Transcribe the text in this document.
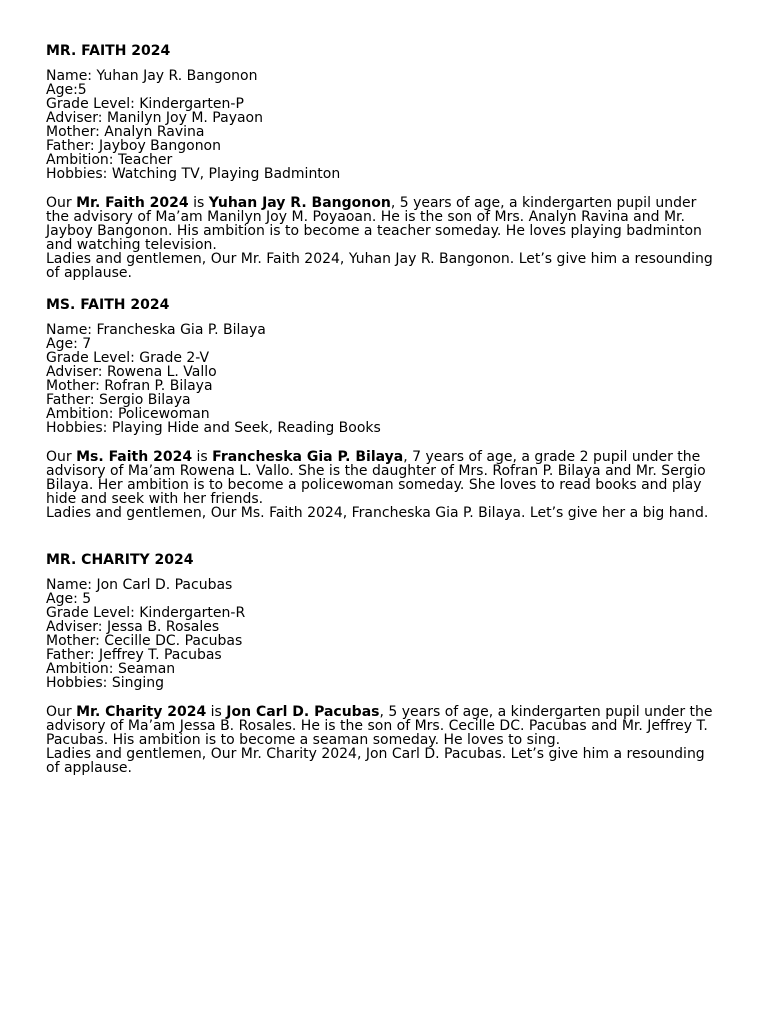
MR. FAITH 2024
Name: Yuhan Jay R. Bangonon
Age:5
Grade Level: Kindergarten-P
Adviser: Manilyn Joy M. Payaon
Mother: Analyn Ravina
Father: Jayboy Bangonon
Ambition: Teacher
Hobbies: Watching TV, Playing Badminton
Our Mr. Faith 2024 is Yuhan Jay R. Bangonon, 5 years of age, a kindergarten pupil under the advisory of Ma’am Manilyn Joy M. Poyaoan. He is the son of Mrs. Analyn Ravina and Mr. Jayboy Bangonon. His ambition is to become a teacher someday. He loves playing badminton and watching television.
Ladies and gentlemen, Our Mr. Faith 2024, Yuhan Jay R. Bangonon. Let’s give him a resounding of applause.
MS. FAITH 2024
Name: Francheska Gia P. Bilaya
Age: 7
Grade Level: Grade 2-V
Adviser: Rowena L. Vallo
Mother: Rofran P. Bilaya
Father: Sergio Bilaya
Ambition: Policewoman
Hobbies: Playing Hide and Seek, Reading Books
Our Ms. Faith 2024 is Francheska Gia P. Bilaya, 7 years of age, a grade 2 pupil under the advisory of Ma’am Rowena L. Vallo. She is the daughter of Mrs. Rofran P. Bilaya and Mr. Sergio Bilaya. Her ambition is to become a policewoman someday. She loves to read books and play hide and seek with her friends.
Ladies and gentlemen, Our Ms. Faith 2024, Francheska Gia P. Bilaya. Let’s give her a big hand.
MR. CHARITY 2024
Name: Jon Carl D. Pacubas
Age: 5
Grade Level: Kindergarten-R
Adviser: Jessa B. Rosales
Mother: Cecille DC. Pacubas
Father: Jeffrey T. Pacubas
Ambition: Seaman
Hobbies: Singing
Our Mr. Charity 2024 is Jon Carl D. Pacubas, 5 years of age, a kindergarten pupil under the advisory of Ma’am Jessa B. Rosales. He is the son of Mrs. Cecille DC. Pacubas and Mr. Jeffrey T. Pacubas. His ambition is to become a seaman someday. He loves to sing.
Ladies and gentlemen, Our Mr. Charity 2024, Jon Carl D. Pacubas. Let’s give him a resounding of applause.
